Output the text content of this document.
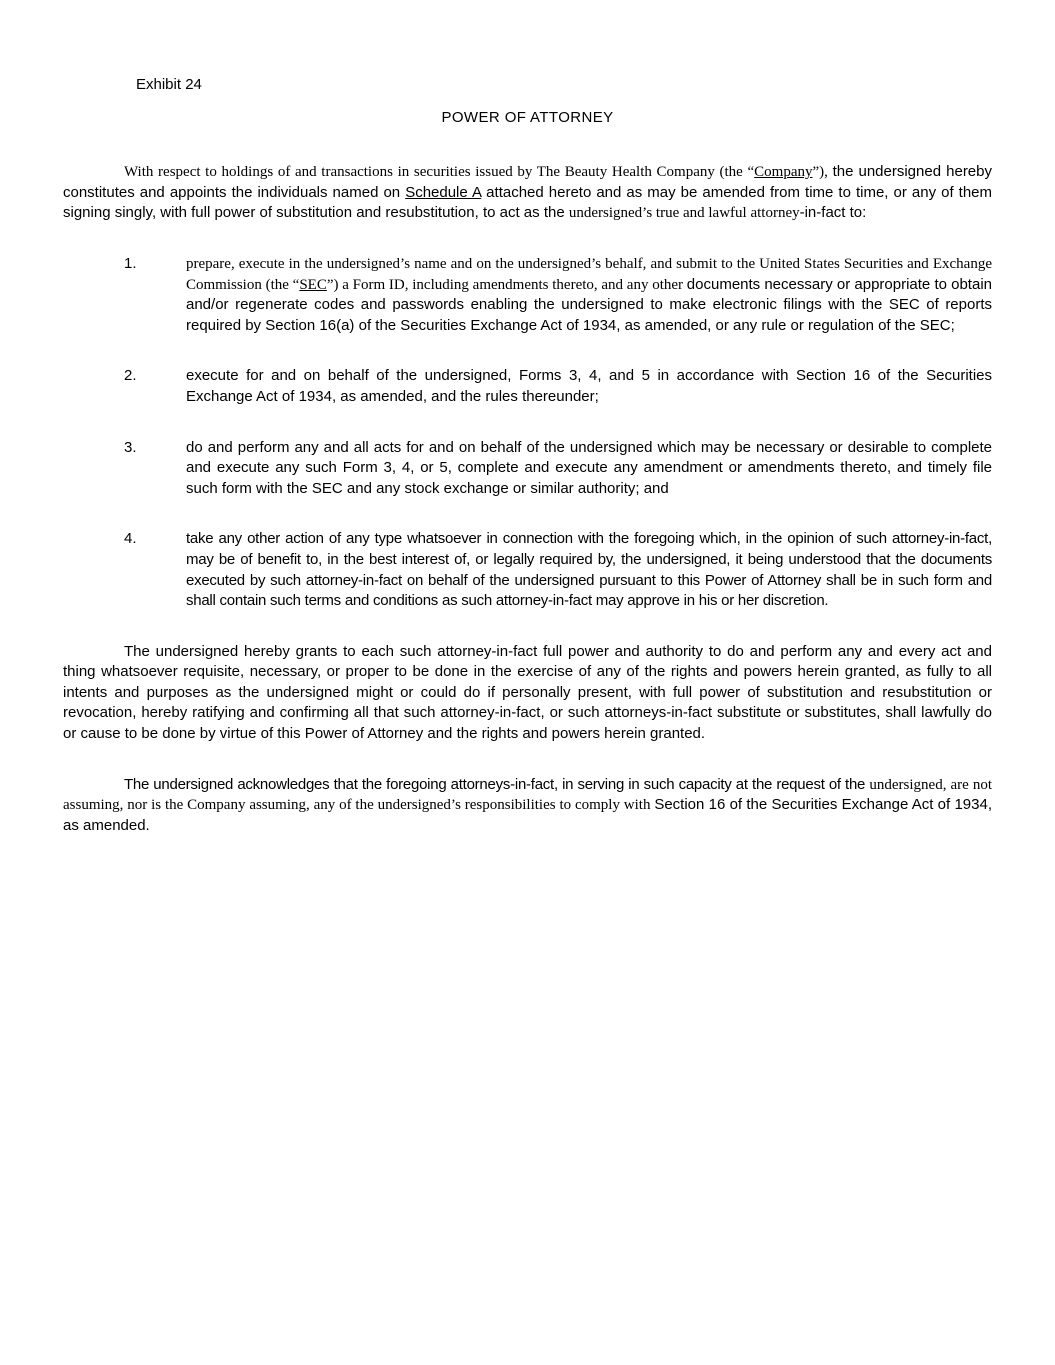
Exhibit 24
POWER OF ATTORNEY

With respect to holdings of and transactions in securities issued by The Beauty Health Company (the “Company”), the undersigned hereby constitutes and appoints the individuals named on Schedule A attached hereto and as may be amended from time to time, or any of them signing singly, with full power of substitution and resubstitution, to act as the undersigned’s true and lawful attorney-in-fact to:

1.	prepare, execute in the undersigned’s name and on the undersigned’s behalf, and submit to the United States Securities and Exchange Commission (the “SEC”) a Form ID, including amendments thereto, and any other documents necessary or appropriate to obtain and/or regenerate codes and passwords enabling the undersigned to make electronic filings with the SEC of reports required by Section 16(a) of the Securities Exchange Act of 1934, as amended, or any rule or regulation of the SEC;
2.	execute for and on behalf of the undersigned, Forms 3, 4, and 5 in accordance with Section 16 of the Securities Exchange Act of 1934, as amended, and the rules thereunder;
3.	do and perform any and all acts for and on behalf of the undersigned which may be necessary or desirable to complete and execute any such Form 3, 4, or 5, complete and execute any amendment or amendments thereto, and timely file such form with the SEC and any stock exchange or similar authority; and
4.	take any other action of any type whatsoever in connection with the foregoing which, in the opinion of such attorney-in-fact, may be of benefit to, in the best interest of, or legally required by, the undersigned, it being understood that the documents executed by such attorney-in-fact on behalf of the undersigned pursuant to this Power of Attorney shall be in such form and shall contain such terms and conditions as such attorney-in-fact may approve in his or her discretion.

The undersigned hereby grants to each such attorney-in-fact full power and authority to do and perform any and every act and thing whatsoever requisite, necessary, or proper to be done in the exercise of any of the rights and powers herein granted, as fully to all intents and purposes as the undersigned might or could do if personally present, with full power of substitution and resubstitution or revocation, hereby ratifying and confirming all that such attorney-in-fact, or such attorneys-in-fact substitute or substitutes, shall lawfully do or cause to be done by virtue of this Power of Attorney and the rights and powers herein granted.

The undersigned acknowledges that the foregoing attorneys-in-fact, in serving in such capacity at the request of the undersigned, are not assuming, nor is the Company assuming, any of the undersigned’s responsibilities to comply with Section 16 of the Securities Exchange Act of 1934, as amended.
